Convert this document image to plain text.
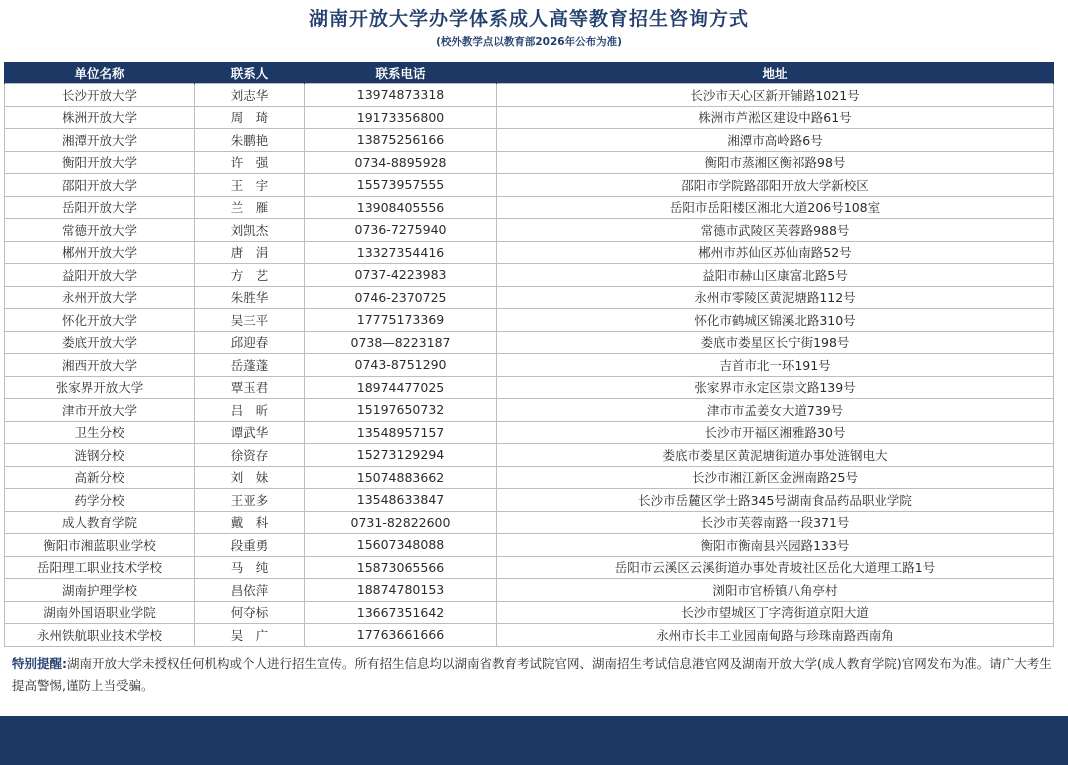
湖南开放大学办学体系成人高等教育招生咨询方式
(校外教学点以教育部2026年公布为准)
单位名称	联系人	联系电话	地址
长沙开放大学	刘志华	13974873318	长沙市天心区新开铺路1021号
株洲开放大学	周　琦	19173356800	株洲市芦淞区建设中路61号
湘潭开放大学	朱鹏艳	13875256166	湘潭市高岭路6号
衡阳开放大学	许　强	0734-8895928	衡阳市蒸湘区衡祁路98号
邵阳开放大学	王　宇	15573957555	邵阳市学院路邵阳开放大学新校区
岳阳开放大学	兰　雁	13908405556	岳阳市岳阳楼区湘北大道206号108室
常德开放大学	刘凯杰	0736-7275940	常德市武陵区芙蓉路988号
郴州开放大学	唐　涓	13327354416	郴州市苏仙区苏仙南路52号
益阳开放大学	方　艺	0737-4223983	益阳市赫山区康富北路5号
永州开放大学	朱胜华	0746-2370725	永州市零陵区黄泥塘路112号
怀化开放大学	吴三平	17775173369	怀化市鹤城区锦溪北路310号
娄底开放大学	邱迎春	0738—8223187	娄底市娄星区长宁街198号
湘西开放大学	岳蓬蓬	0743-8751290	吉首市北一环191号
张家界开放大学	覃玉君	18974477025	张家界市永定区崇文路139号
津市开放大学	吕　昕	15197650732	津市市孟姜女大道739号
卫生分校	谭武华	13548957157	长沙市开福区湘雅路30号
涟钢分校	徐资存	15273129294	娄底市娄星区黄泥塘街道办事处涟钢电大
高新分校	刘　妹	15074883662	长沙市湘江新区金洲南路25号
药学分校	王亚多	13548633847	长沙市岳麓区学士路345号湖南食品药品职业学院
成人教育学院	戴　科	0731-82822600	长沙市芙蓉南路一段371号
衡阳市湘蓝职业学校	段重勇	15607348088	衡阳市衡南县兴园路133号
岳阳理工职业技术学校	马　纯	15873065566	岳阳市云溪区云溪街道办事处青坡社区岳化大道理工路1号
湖南护理学校	昌依萍	18874780153	浏阳市官桥镇八角亭村
湖南外国语职业学院	何夺标	13667351642	长沙市望城区丁字湾街道京阳大道
永州铁航职业技术学校	吴　广	17763661666	永州市长丰工业园南甸路与珍珠南路西南角
特别提醒:湖南开放大学未授权任何机构或个人进行招生宣传。所有招生信息均以湖南省教育考试院官网、湖南招生考试信息港官网及湖南开放大学(成人教育学院)官网发布为准。请广大考生提高警惕,谨防上当受骗。
